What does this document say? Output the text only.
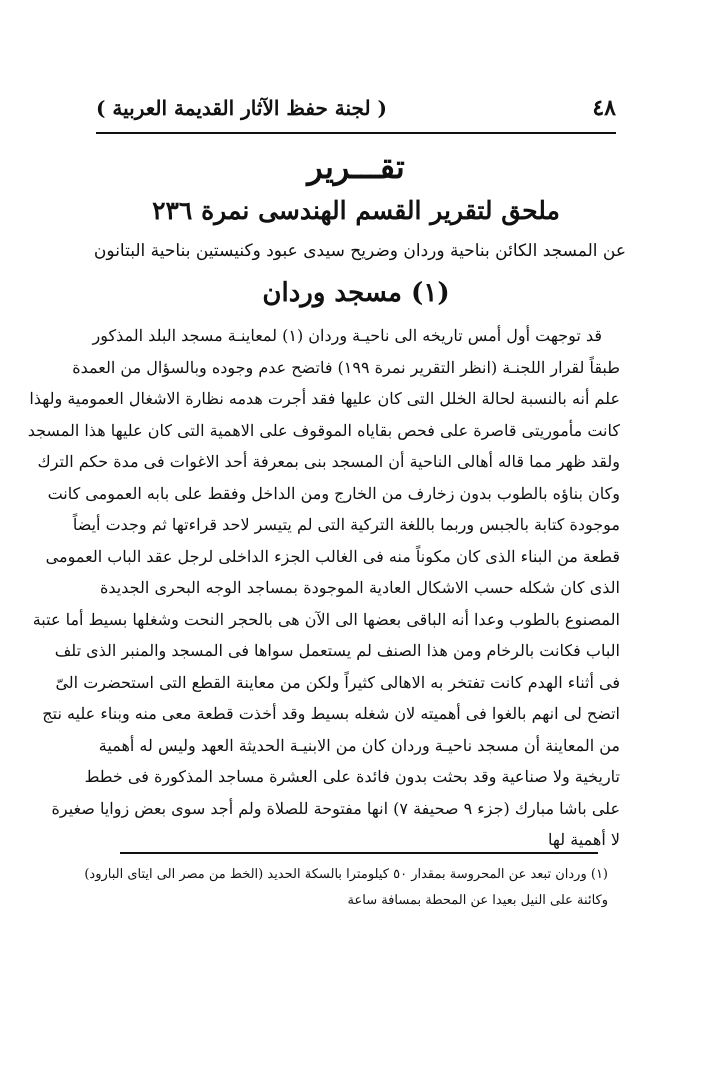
٤٨
( لجنة حفظ الآثار القديمة العربية )
تقـــرير
ملحق لتقرير القسم الهندسى نمرة ٢٣٦
عن المسجد الكائن بناحية وردان وضريح سيدى عبود وكنيستين بناحية البتانون
(١) مسجد وردان
قد توجهت أول أمس تاريخه الى ناحيـة وردان (١) لمعاينـة مسجد البلد المذكور
طبقاً لقرار اللجنـة (انظر التقرير نمرة ١٩٩) فاتضح عدم وجوده وبالسؤال من العمدة
علم أنه بالنسبة لحالة الخلل التى كان عليها فقد أجرت هدمه نظارة الاشغال العمومية ولهذا
كانت مأموريتى قاصرة على فحص بقاياه الموقوف على الاهمية التى كان عليها هذا المسجد
ولقد ظهر مما قاله أهالى الناحية أن المسجد بنى بمعرفة أحد الاغوات فى مدة حكم الترك
وكان بناؤه بالطوب بدون زخارف من الخارج ومن الداخل وفقط على بابه العمومى كانت
موجودة كتابة بالجبس وربما باللغة التركية التى لم يتيسر لاحد قراءتها ثم وجدت أيضاً
قطعة من البناء الذى كان مكوناً منه فى الغالب الجزء الداخلى لرجل عقد الباب العمومى
الذى كان شكله حسب الاشكال العادية الموجودة بمساجد الوجه البحرى الجديدة
المصنوع بالطوب وعدا أنه الباقى بعضها الى الآن هى بالحجر النحت وشغلها بسيط أما عتبة
الباب فكانت بالرخام ومن هذا الصنف لم يستعمل سواها فى المسجد والمنبر الذى تلف
فى أثناء الهدم كانت تفتخر به الاهالى كثيراً ولكن من معاينة القطع التى استحضرت الىّ
اتضح لى انهم بالغوا فى أهميته لان شغله بسيط وقد أخذت قطعة معى منه وبناء عليه نتج
من المعاينة أن مسجد ناحيـة وردان كان من الابنيـة الحديثة العهد وليس له أهمية
تاريخية ولا صناعية وقد بحثت بدون فائدة على العشرة مساجد المذكورة فى خطط
على باشا مبارك (جزء ٩ صحيفة ٧) انها مفتوحة للصلاة ولم أجد سوى بعض زوايا صغيرة
لا أهمية لها
(١) وردان تبعد عن المحروسة بمقدار ٥٠ كيلومترا بالسكة الحديد (الخط من مصر الى ايتاى البارود)
وكائنة على النيل بعيدا عن المحطة بمسافة ساعة
